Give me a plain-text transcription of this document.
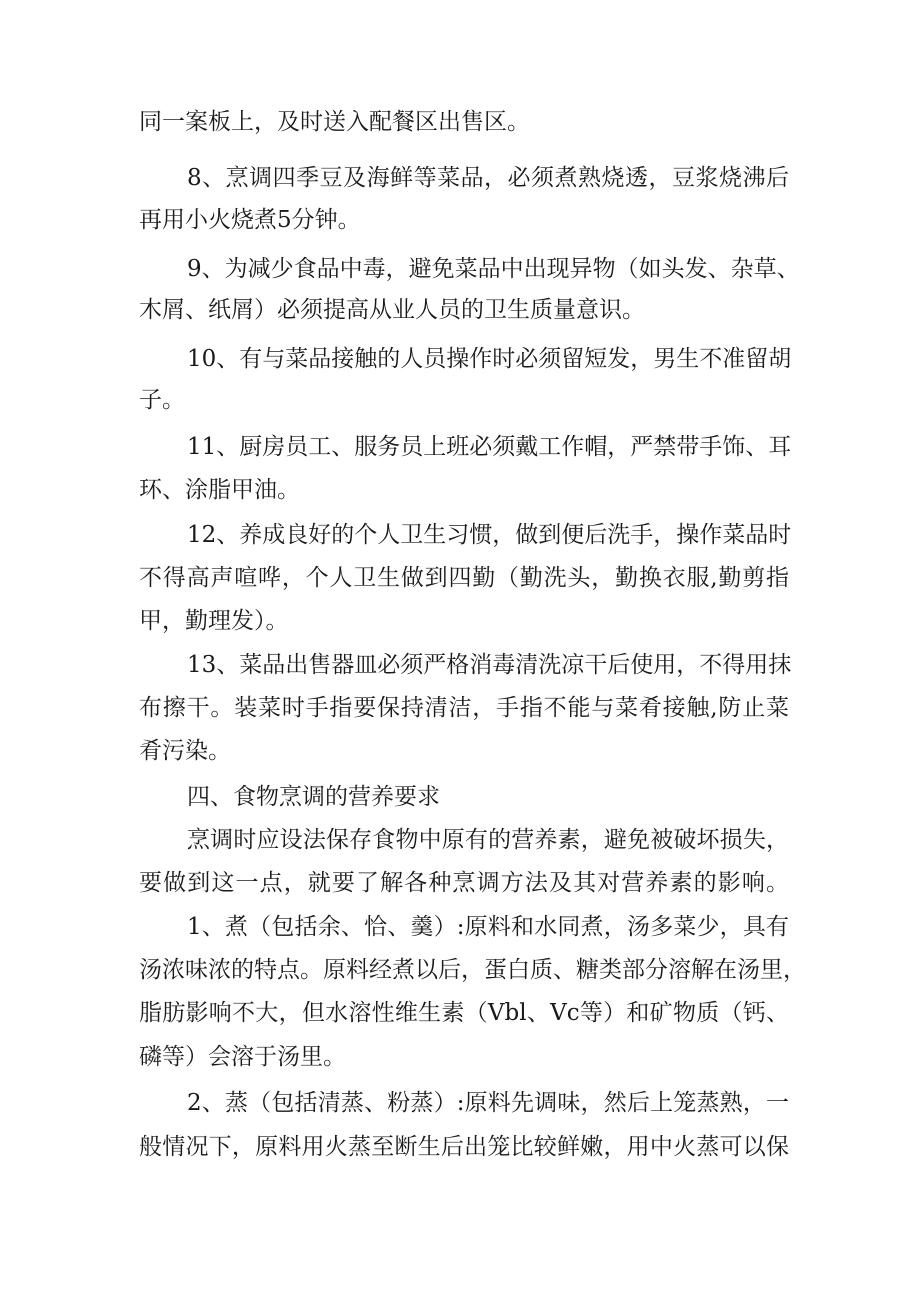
同一案板上，及时送入配餐区出售区。
8、烹调四季豆及海鲜等菜品，必须煮熟烧透，豆浆烧沸后
再用小火烧煮5分钟。
9、为减少食品中毒，避免菜品中出现异物（如头发、杂草、
木屑、纸屑）必须提高从业人员的卫生质量意识。
10、有与菜品接触的人员操作时必须留短发，男生不准留胡
子。
11、厨房员工、服务员上班必须戴工作帽，严禁带手饰、耳
环、涂脂甲油。
12、养成良好的个人卫生习惯，做到便后洗手，操作菜品时
不得高声喧哗，个人卫生做到四勤（勤洗头，勤换衣服,勤剪指
甲，勤理发）。
13、菜品出售器皿必须严格消毒清洗凉干后使用，不得用抹
布擦干。装菜时手指要保持清洁，手指不能与菜肴接触,防止菜
肴污染。
四、食物烹调的营养要求
烹调时应设法保存食物中原有的营养素，避免被破坏损失，
要做到这一点，就要了解各种烹调方法及其对营养素的影响。
1、煮（包括余、恰、羹）:原料和水同煮，汤多菜少，具有
汤浓味浓的特点。原料经煮以后，蛋白质、糖类部分溶解在汤里，
脂肪影响不大，但水溶性维生素（Vbl、Vc等）和矿物质（钙、
磷等）会溶于汤里。
2、蒸（包括清蒸、粉蒸）:原料先调味，然后上笼蒸熟，一
般情况下，原料用火蒸至断生后出笼比较鲜嫩，用中火蒸可以保
